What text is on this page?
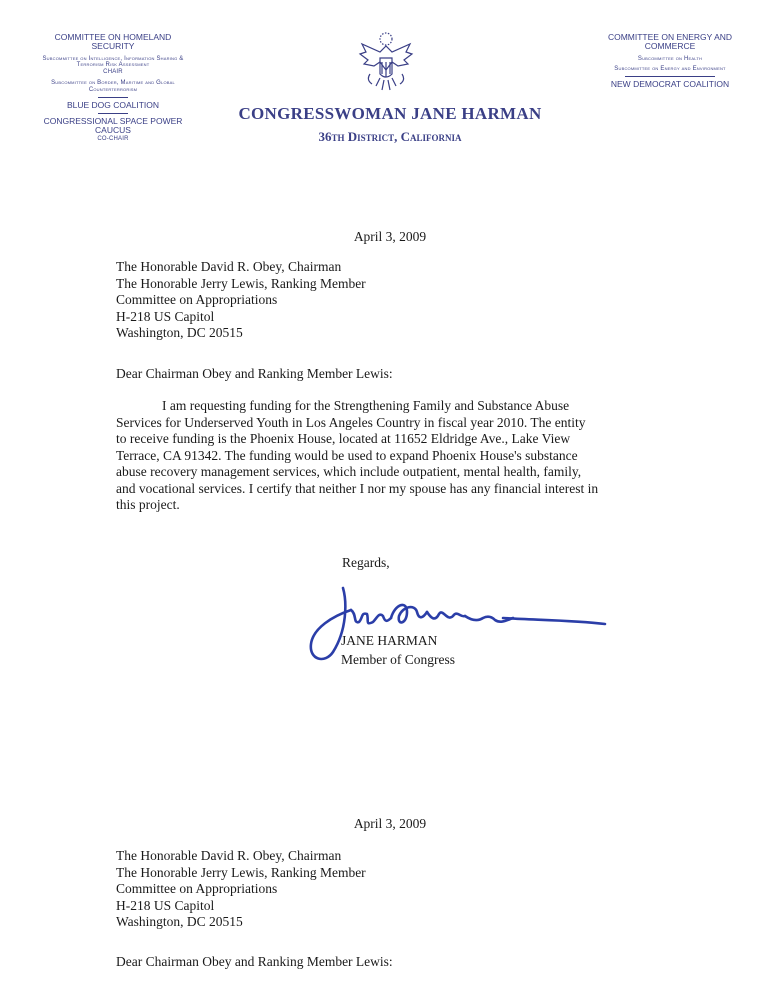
COMMITTEE ON HOMELAND SECURITY
Subcommittee on Intelligence, Information Sharing & Terrorism Risk Assessment
CHAIR
Subcommittee on Border, Maritime and Global Counterterrorism
BLUE DOG COALITION
CONGRESSIONAL SPACE POWER CAUCUS
CO-CHAIR
CONGRESSWOMAN JANE HARMAN
36th District, California
COMMITTEE ON ENERGY AND COMMERCE
Subcommittee on Health
Subcommittee on Energy and Environment
NEW DEMOCRAT COALITION
April 3, 2009
The Honorable David R. Obey, Chairman
The Honorable Jerry Lewis, Ranking Member
Committee on Appropriations
H-218 US Capitol
Washington, DC 20515
Dear Chairman Obey and Ranking Member Lewis:

I am requesting funding for the Strengthening Family and Substance Abuse

Services for Underserved Youth in Los Angeles Country in fiscal year 2010. The entity

to receive funding is the Phoenix House, located at 11652 Eldridge Ave., Lake View

Terrace, CA 91342. The funding would be used to expand Phoenix House's substance

abuse recovery management services, which include outpatient, mental health, family,

and vocational services. I certify that neither I nor my spouse has any financial interest in

this project.

Regards,
JANE HARMAN
Member of Congress
April 3, 2009
The Honorable David R. Obey, Chairman
The Honorable Jerry Lewis, Ranking Member
Committee on Appropriations
H-218 US Capitol
Washington, DC 20515
Dear Chairman Obey and Ranking Member Lewis:
